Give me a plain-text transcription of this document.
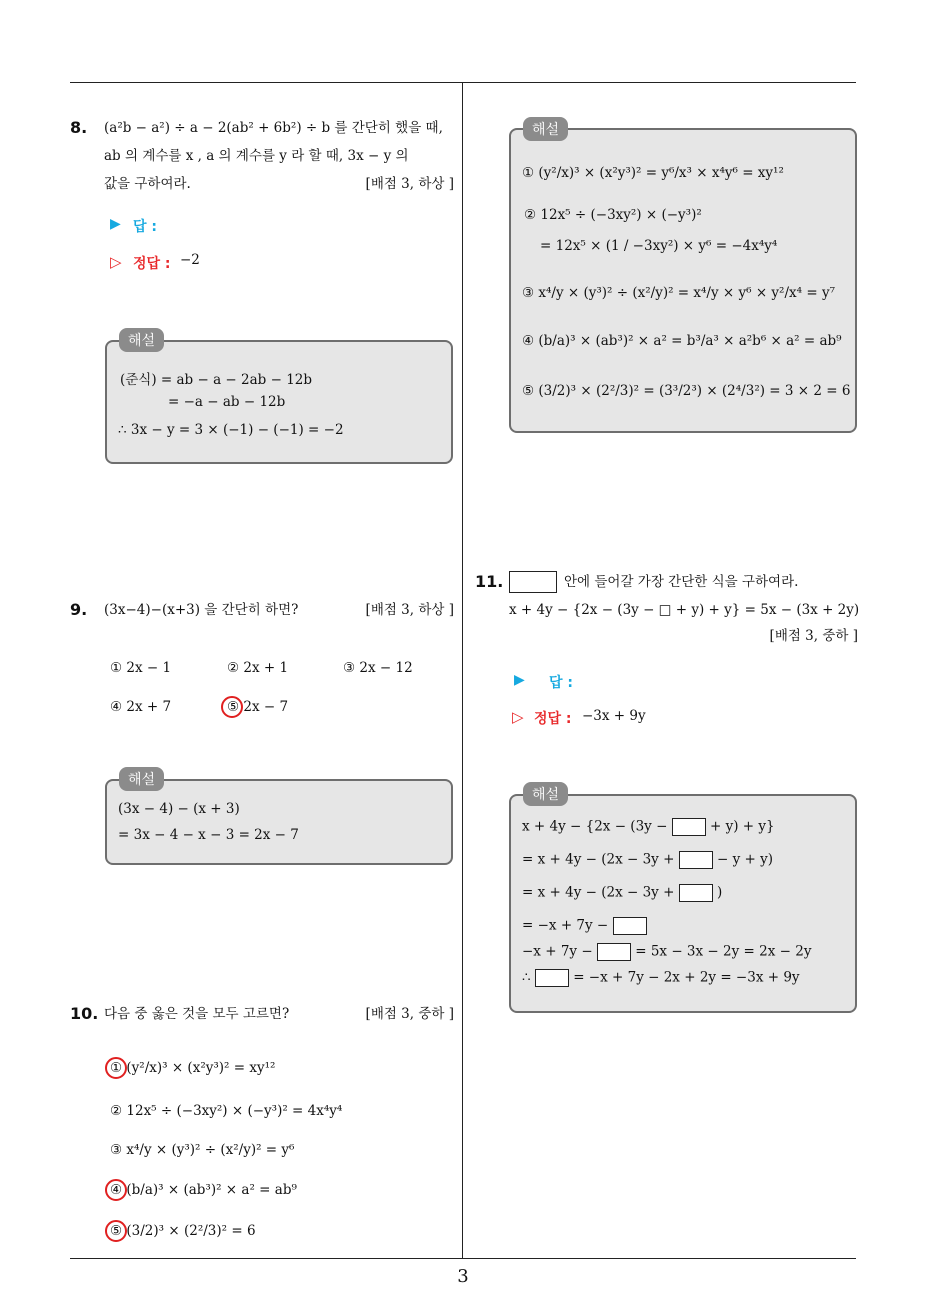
8. (a²b − a²) ÷ a − 2(ab² + 6b²) ÷ b 를 간단히 했을 때,
ab 의 계수를 x , a 의 계수를 y 라 할 때, 3x − y 의
값을 구하여라.	[배점 3, 하상 ]
▶ 답 :
▷ 정답 : −2
해설
(준식) = ab − a − 2ab − 12b
= −a − ab − 12b
∴ 3x − y = 3 × (−1) − (−1) = −2
9. (3x−4)−(x+3) 을 간단히 하면?	[배점 3, 하상 ]
① 2x − 1	② 2x + 1	③ 2x − 12
④ 2x + 7	⑤ 2x − 7
해설
(3x − 4) − (x + 3)
= 3x − 4 − x − 3 = 2x − 7
10. 다음 중 옳은 것을 모두 고르면?	[배점 3, 중하 ]
① (y²/x)³ × (x²y³)² = xy¹²
② 12x⁵ ÷ (−3xy²) × (−y³)² = 4x⁴y⁴
③ x⁴/y × (y³)² ÷ (x²/y)² = y⁶
④ (b/a)³ × (ab³)² × a² = ab⁹
⑤ (3/2)³ × (2²/3)² = 6
해설
① (y²/x)³ × (x²y³)² = y⁶/x³ × x⁴y⁶ = xy¹²
② 12x⁵ ÷ (−3xy²) × (−y³)²
= 12x⁵ × (1 / −3xy²) × y⁶ = −4x⁴y⁴
③ x⁴/y × (y³)² ÷ (x²/y)² = x⁴/y × y⁶ × y²/x⁴ = y⁷
④ (b/a)³ × (ab³)² × a² = b³/a³ × a²b⁶ × a² = ab⁹
⑤ (3/2)³ × (2²/3)² = (3³/2³) × (2⁴/3²) = 3 × 2 = 6
11.	안에 들어갈 가장 간단한 식을 구하여라.
x + 4y − {2x − (3y − □ + y) + y} = 5x − (3x + 2y)
[배점 3, 중하 ]
▶ 답 :
▷ 정답 : −3x + 9y
해설
x + 4y − {2x − (3y −	+ y) + y}
= x + 4y − (2x − 3y +	− y + y)
= x + 4y − (2x − 3y +	)
= −x + 7y −
−x + 7y −	= 5x − 3x − 2y = 2x − 2y
∴	= −x + 7y − 2x + 2y = −3x + 9y
3
